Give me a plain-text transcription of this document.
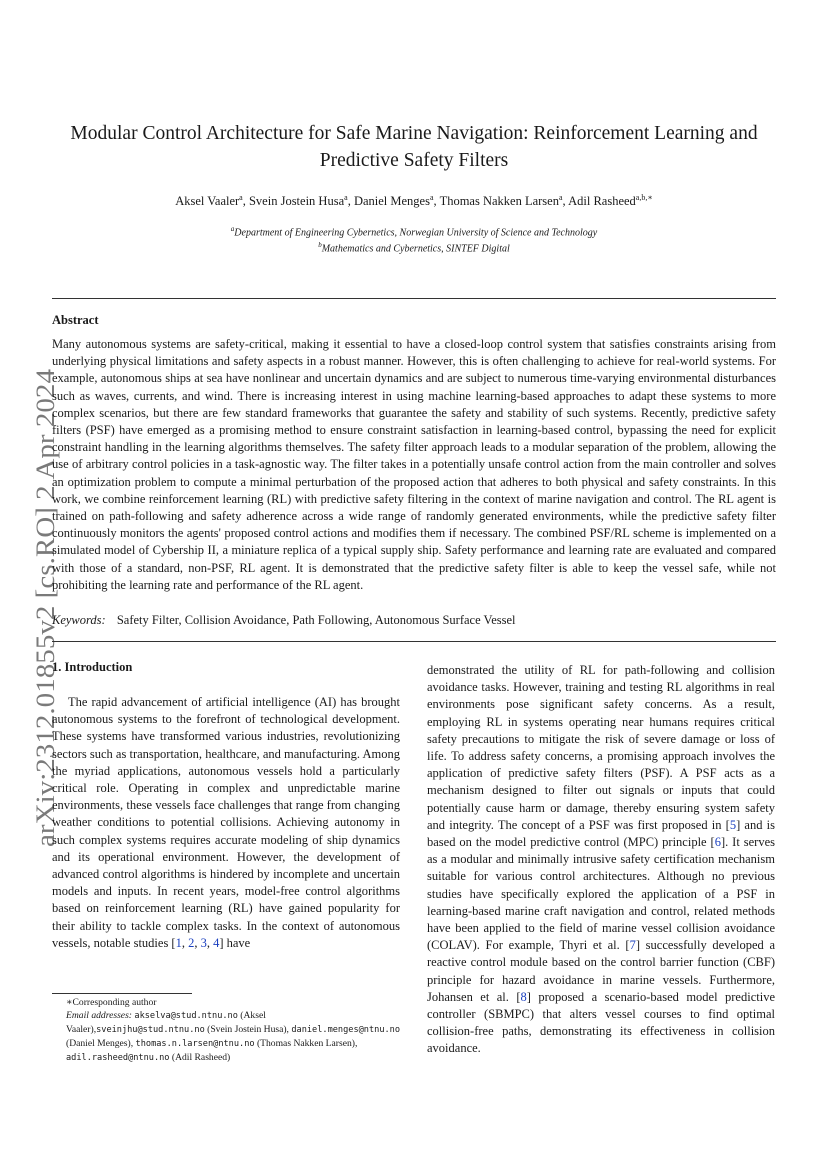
arXiv:2312.01855v2 [cs.RO] 2 Apr 2024
Modular Control Architecture for Safe Marine Navigation: Reinforcement Learning and
Predictive Safety Filters
Aksel Vaaler$^a$, Svein Jostein Husa$^a$, Daniel Menges$^a$, Thomas Nakken Larsen$^a$, Adil Rasheed$^{a,b,∗}$
$^a$Department of Engineering Cybernetics, Norwegian University of Science and Technology
$^b$Mathematics and Cybernetics, SINTEF Digital
Abstract
Many autonomous systems are safety-critical, making it essential to have a closed-loop control system that satisfies constraints arising from underlying physical limitations and safety aspects in a robust manner. However, this is often challenging to achieve for real-world systems. For example, autonomous ships at sea have nonlinear and uncertain dynamics and are subject to numerous time-varying environmental disturbances such as waves, currents, and wind. There is increasing interest in using machine learning-based approaches to adapt these systems to more complex scenarios, but there are few standard frameworks that guarantee the safety and stability of such systems. Recently, predictive safety filters (PSF) have emerged as a promising method to ensure constraint satisfaction in learning-based control, bypassing the need for explicit constraint handling in the learning algorithms themselves. The safety filter approach leads to a modular separation of the problem, allowing the use of arbitrary control policies in a task-agnostic way. The filter takes in a potentially unsafe control action from the main controller and solves an optimization problem to compute a minimal perturbation of the proposed action that adheres to both physical and safety constraints. In this work, we combine reinforcement learning (RL) with predictive safety filtering in the context of marine navigation and control. The RL agent is trained on path-following and safety adherence across a wide range of randomly generated environments, while the predictive safety filter continuously monitors the agents' proposed control actions and modifies them if necessary. The combined PSF/RL scheme is implemented on a simulated model of Cybership II, a miniature replica of a typical supply ship. Safety performance and learning rate are evaluated and compared with those of a standard, non-PSF, RL agent. It is demonstrated that the predictive safety filter is able to keep the vessel safe, while not prohibiting the learning rate and performance of the RL agent.
Keywords: Safety Filter, Collision Avoidance, Path Following, Autonomous Surface Vessel
1. Introduction
The rapid advancement of artificial intelligence (AI) has brought autonomous systems to the forefront of technological development. These systems have transformed various industries, revolutionizing sectors such as transportation, healthcare, and manufacturing. Among the myriad applications, autonomous vessels hold a particularly critical role. Operating in complex and unpredictable marine environments, these vessels face challenges that range from changing weather conditions to potential collisions. Achieving autonomy in such complex systems requires accurate modeling of ship dynamics and its operational environment. However, the development of advanced control algorithms is hindered by incomplete and uncertain models and inputs. In recent years, model-free control algorithms based on reinforcement learning (RL) have gained popularity for their ability to tackle complex tasks. In the context of autonomous vessels, notable studies [1, 2, 3, 4] have
demonstrated the utility of RL for path-following and collision avoidance tasks. However, training and testing RL algorithms in real environments pose significant safety concerns. As a result, employing RL in systems operating near humans requires critical safety precautions to mitigate the risk of severe damage or loss of life. To address safety concerns, a promising approach involves the application of predictive safety filters (PSF). A PSF acts as a mechanism designed to filter out signals or inputs that could potentially cause harm or damage, thereby ensuring system safety and integrity. The concept of a PSF was first proposed in [5] and is based on the model predictive control (MPC) principle [6]. It serves as a modular and minimally intrusive safety certification mechanism suitable for various control architectures. Although no previous studies have specifically explored the application of a PSF in learning-based marine craft navigation and control, related methods have been applied to the field of marine vessel collision avoidance (COLAV). For example, Thyri et al. [7] successfully developed a reactive control module based on the control barrier function (CBF) principle for hazard avoidance in marine vessels. Furthermore, Johansen et al. [8] proposed a scenario-based model predictive controller (SBMPC) that alters vessel courses to find optimal collision-free paths, demonstrating its effectiveness in collision avoidance.
∗Corresponding author
Email addresses: akselva@stud.ntnu.no (Aksel Vaaler),sveinjhu@stud.ntnu.no (Svein Jostein Husa), daniel.menges@ntnu.no (Daniel Menges), thomas.n.larsen@ntnu.no (Thomas Nakken Larsen), adil.rasheed@ntnu.no (Adil Rasheed)
